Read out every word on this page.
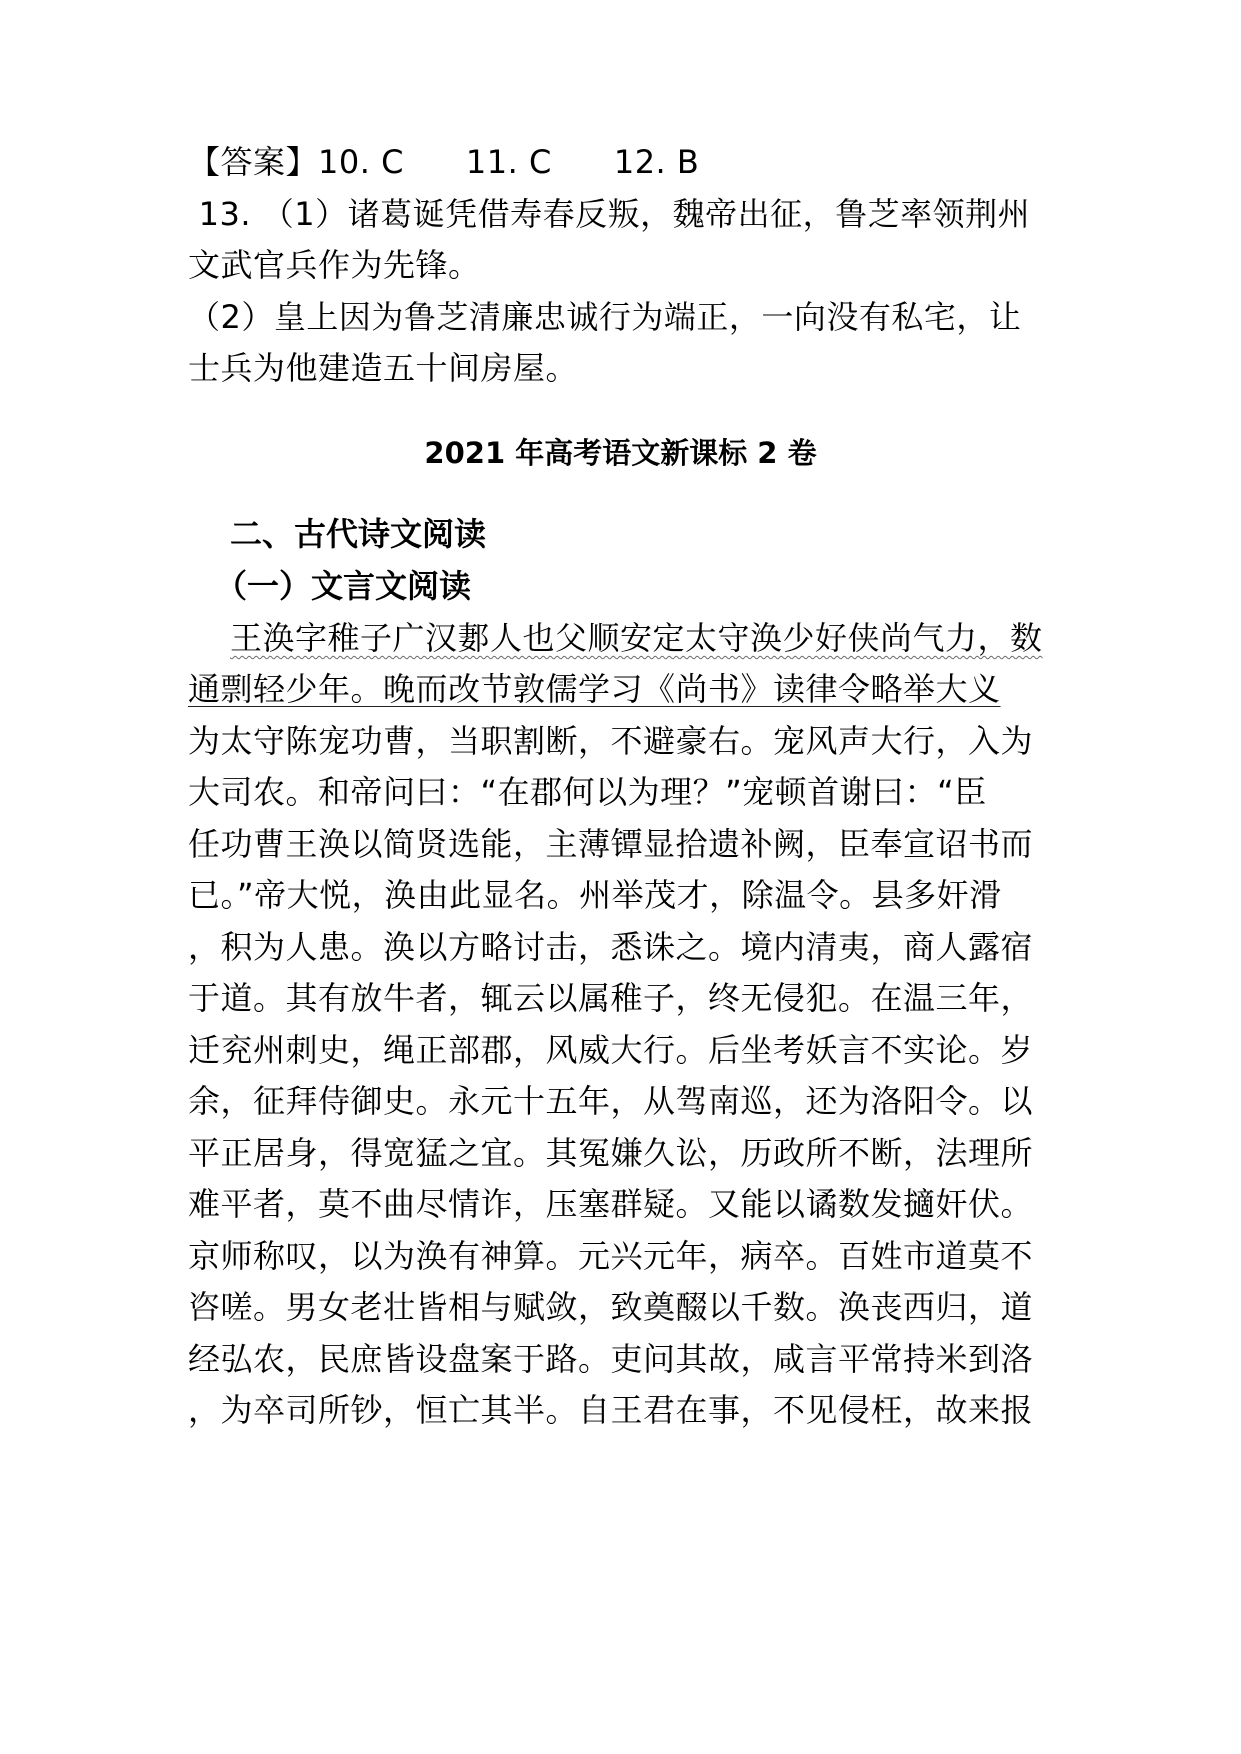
【答案】10. C 11. C 12. B
13. （1）诸葛诞凭借寿春反叛，魏帝出征，鲁芝率领荆州
文武官兵作为先锋。
（2）皇上因为鲁芝清廉忠诚行为端正，一向没有私宅，让
士兵为他建造五十间房屋。
2021 年高考语文新课标 2 卷
二、古代诗文阅读
（一）文言文阅读
王涣字稚子广汉郪人也父顺安定太守涣少好侠尚气力，数
通剽轻少年。晚而改节敦儒学习《尚书》读律令略举大义
为太守陈宠功曹，当职割断，不避豪右。宠风声大行，入为
大司农。和帝问曰：“在郡何以为理？”宠顿首谢曰：“臣
任功曹王涣以简贤选能，主薄镡显拾遗补阙，臣奉宣诏书而
已。”帝大悦，涣由此显名。州举茂才，除温令。县多奸滑
，积为人患。涣以方略讨击，悉诛之。境内清夷，商人露宿
于道。其有放牛者，辄云以属稚子，终无侵犯。在温三年，
迁兖州刺史，绳正部郡，风威大行。后坐考妖言不实论。岁
余，征拜侍御史。永元十五年，从驾南巡，还为洛阳令。以
平正居身，得宽猛之宜。其冤嫌久讼，历政所不断，法理所
难平者，莫不曲尽情诈，压塞群疑。又能以谲数发擿奸伏。
京师称叹，以为涣有神算。元兴元年，病卒。百姓市道莫不
咨嗟。男女老壮皆相与赋敛，致奠醊以千数。涣丧西归，道
经弘农，民庶皆设盘案于路。吏问其故，咸言平常持米到洛
，为卒司所钞，恒亡其半。自王君在事，不见侵枉，故来报
